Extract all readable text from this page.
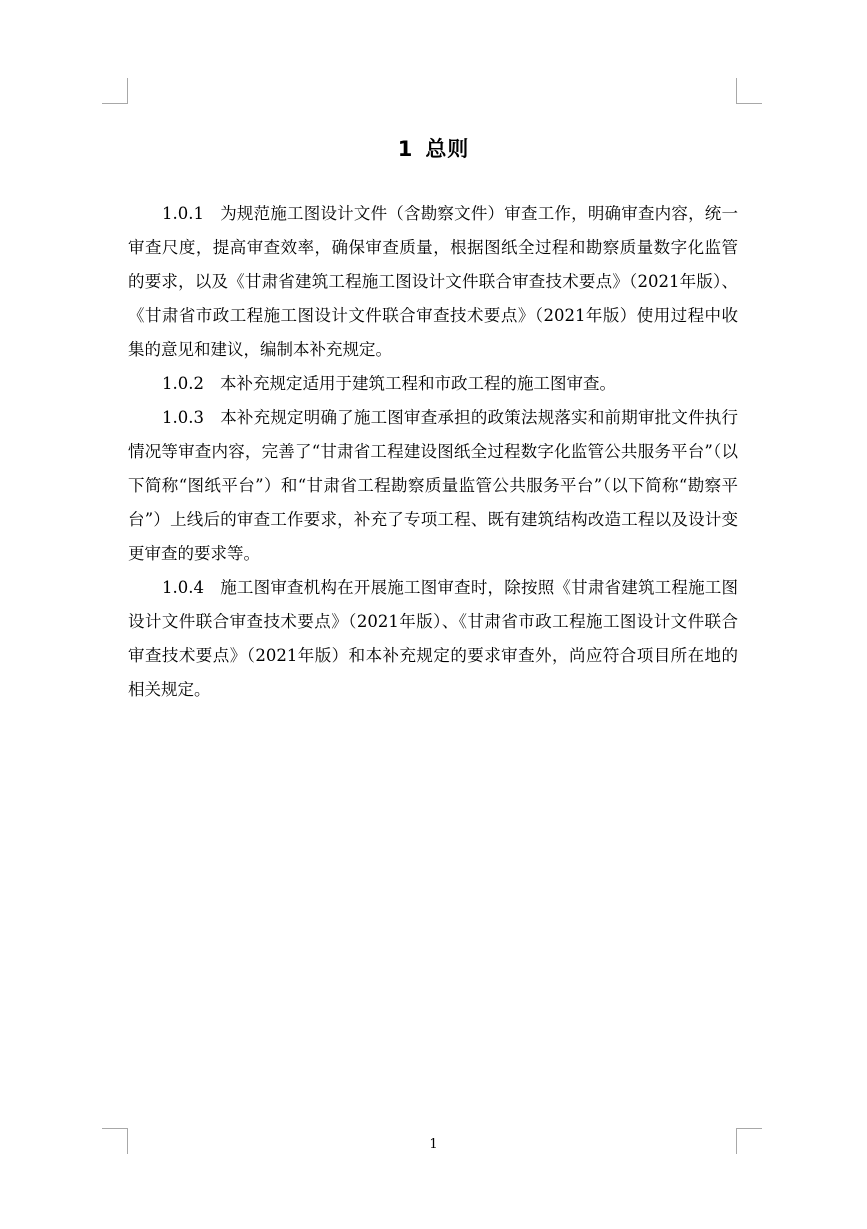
1 总则

1.0.1 为规范施工图设计文件（含勘察文件）审查工作，明确审查内容，统一审查尺度，提高审查效率，确保审查质量，根据图纸全过程和勘察质量数字化监管的要求，以及《甘肃省建筑工程施工图设计文件联合审查技术要点》（2021年版）、《甘肃省市政工程施工图设计文件联合审查技术要点》（2021年版）使用过程中收集的意见和建议，编制本补充规定。

1.0.2 本补充规定适用于建筑工程和市政工程的施工图审查。

1.0.3 本补充规定明确了施工图审查承担的政策法规落实和前期审批文件执行情况等审查内容，完善了“甘肃省工程建设图纸全过程数字化监管公共服务平台”（以下简称“图纸平台”）和“甘肃省工程勘察质量监管公共服务平台”（以下简称“勘察平台”）上线后的审查工作要求，补充了专项工程、既有建筑结构改造工程以及设计变更审查的要求等。

1.0.4 施工图审查机构在开展施工图审查时，除按照《甘肃省建筑工程施工图设计文件联合审查技术要点》（2021年版）、《甘肃省市政工程施工图设计文件联合审查技术要点》（2021年版）和本补充规定的要求审查外，尚应符合项目所在地的相关规定。

1
